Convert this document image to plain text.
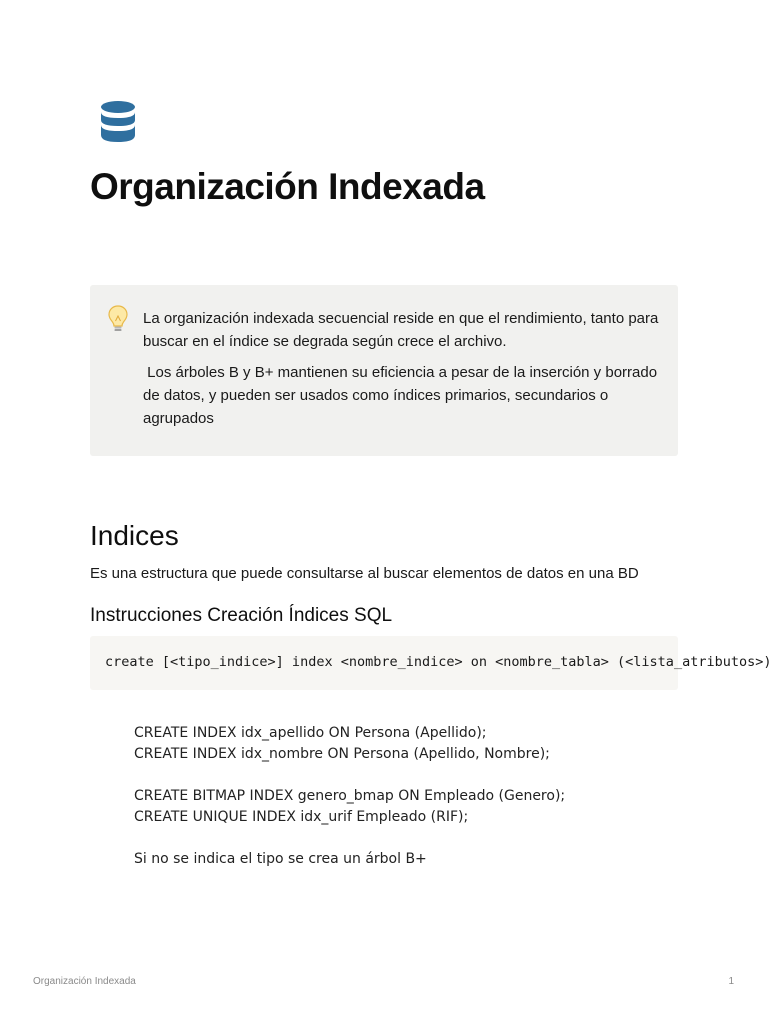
Organización Indexada

La organización indexada secuencial reside en que el rendimiento, tanto para buscar en el índice se degrada según crece el archivo.

Los árboles B y B+ mantienen su eficiencia a pesar de la inserción y borrado de datos, y pueden ser usados como índices primarios, secundarios o agrupados

Indices

Es una estructura que puede consultarse al buscar elementos de datos en una BD

Instrucciones Creación Índices SQL
create [<tipo_indice>] index <nombre_indice> on <nombre_tabla> (<lista_atributos>)
CREATE INDEX idx_apellido ON Persona (Apellido);
CREATE INDEX idx_nombre ON Persona (Apellido, Nombre);
CREATE BITMAP INDEX genero_bmap ON Empleado (Genero);
CREATE UNIQUE INDEX idx_urif Empleado (RIF);
Si no se indica el tipo se crea un árbol B+
Organización Indexada	1
